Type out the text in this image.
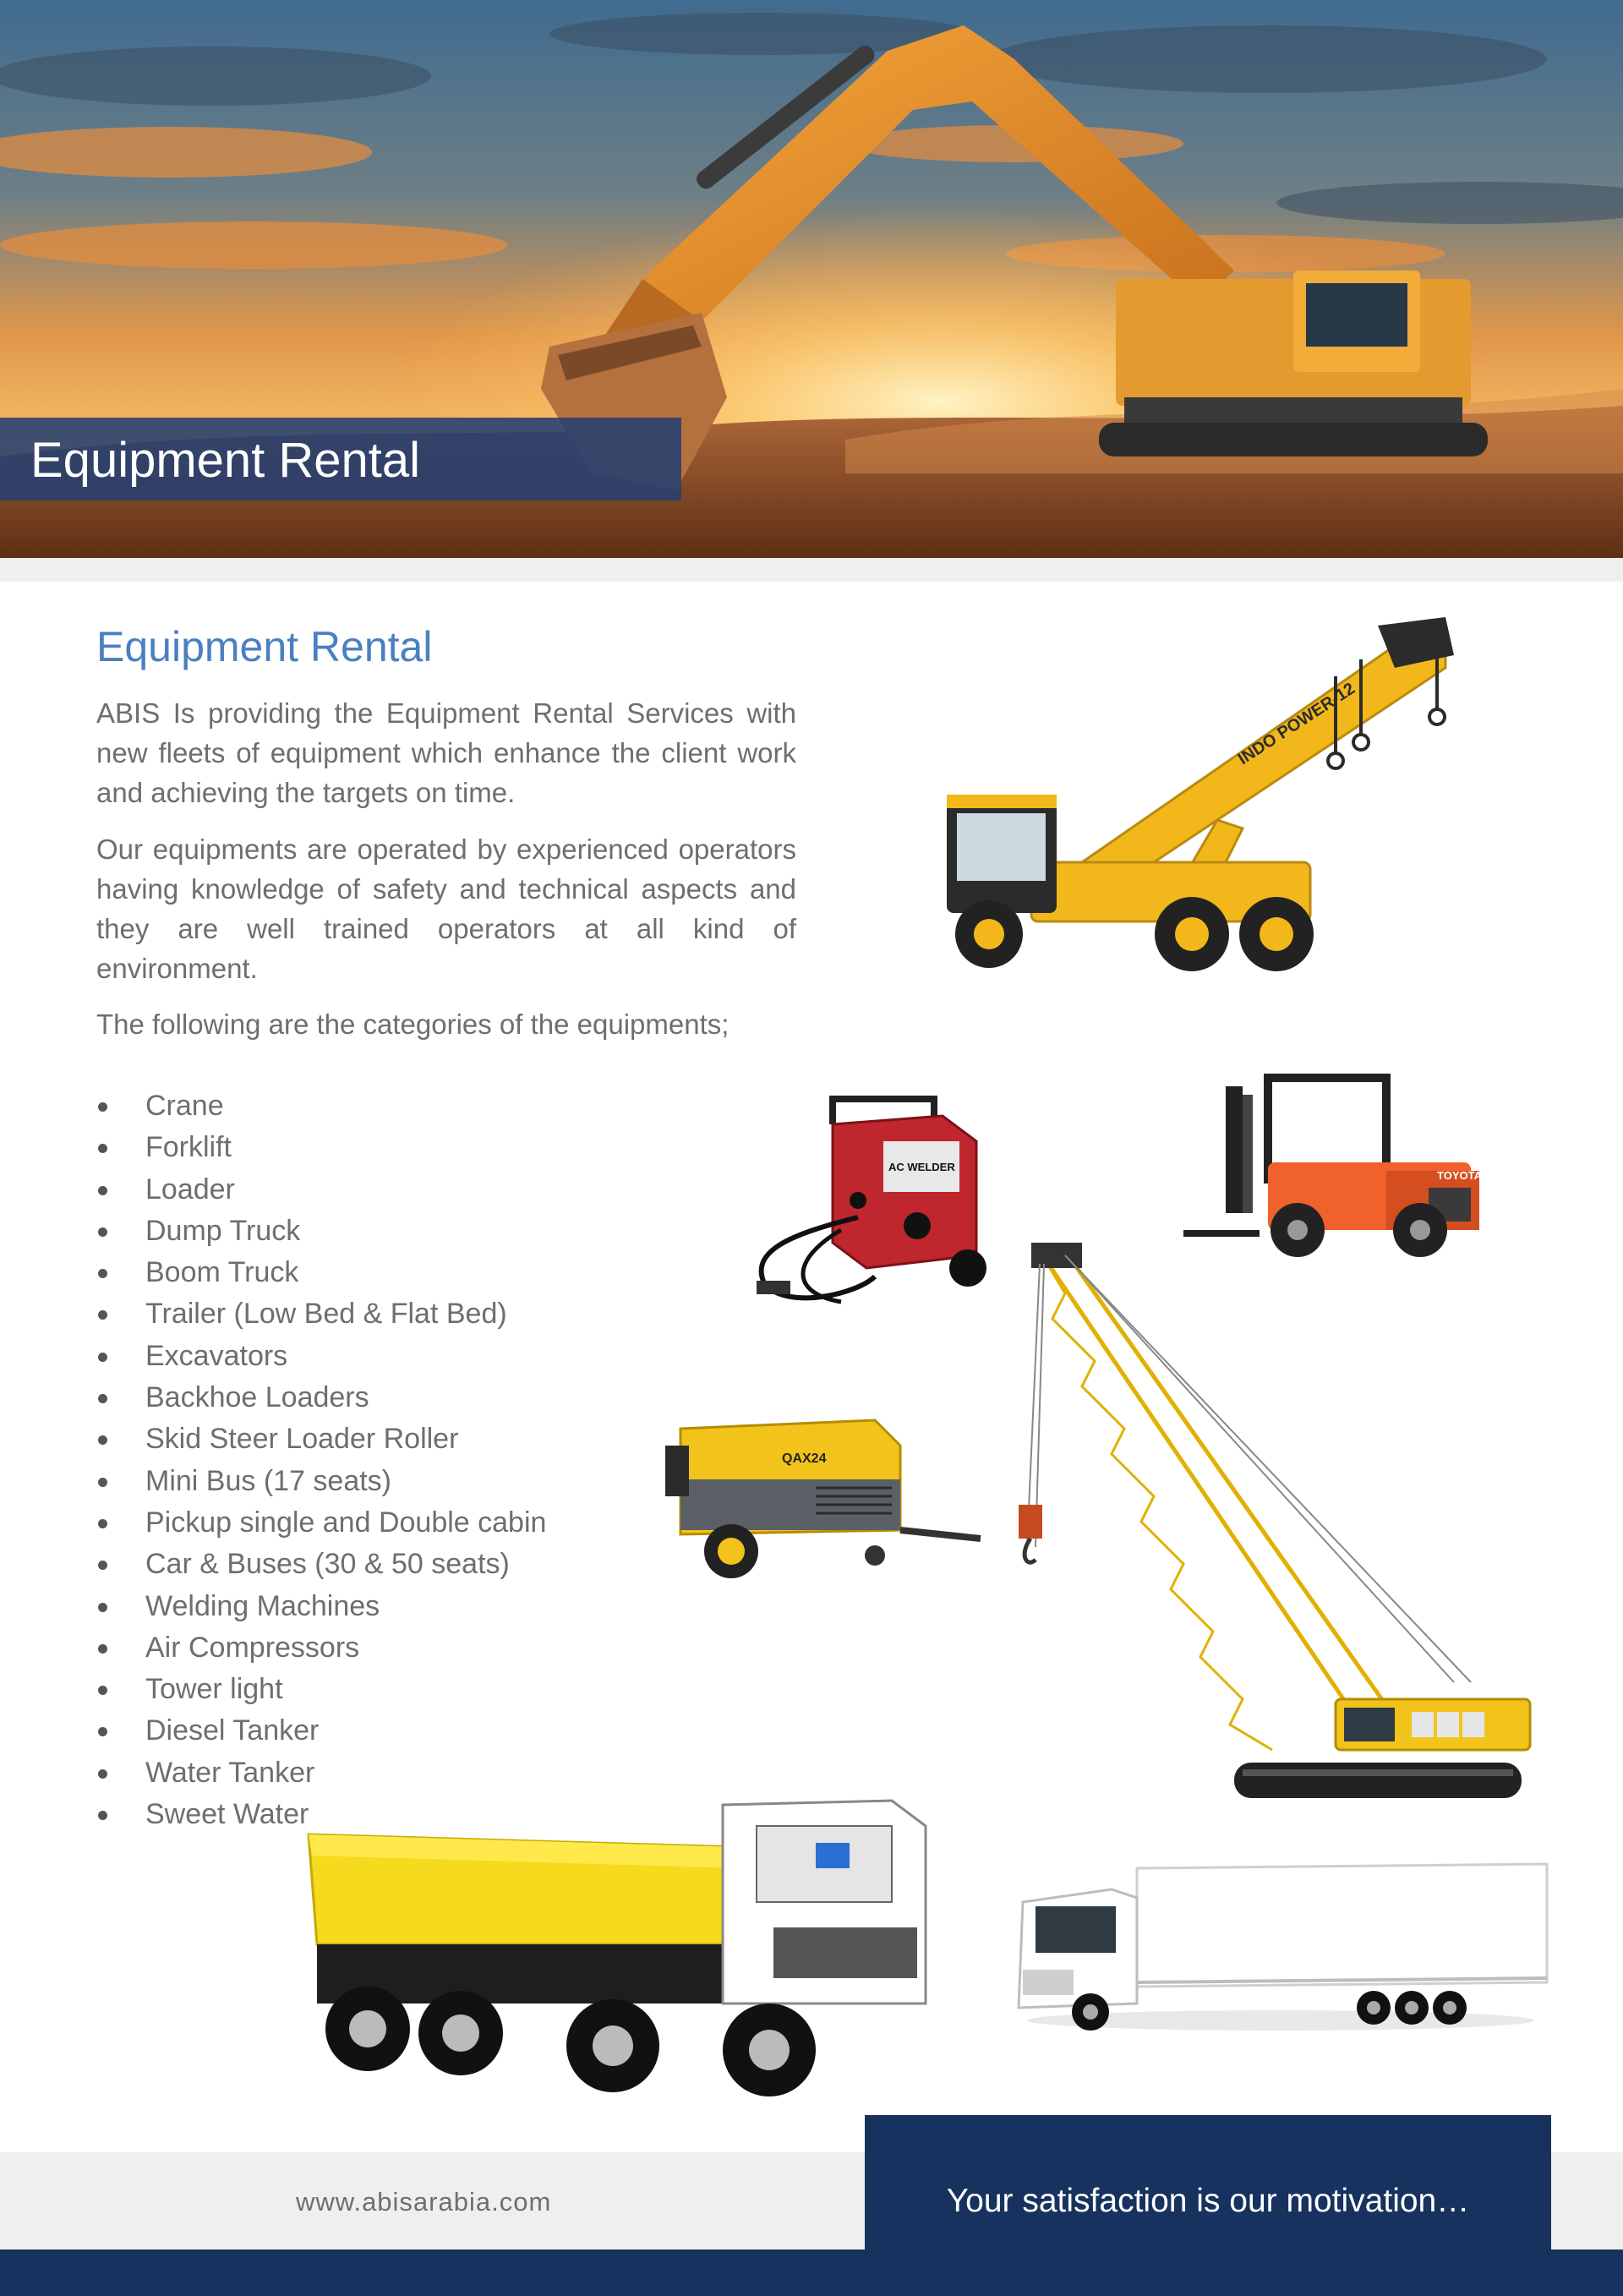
Equipment Rental
Equipment Rental

ABIS Is providing the Equipment Rental Services with new fleets of equipment which enhance the client work and achieving the targets on time.

Our equipments are operated by experienced operators having knowledge of safety and technical aspects and they are well trained operators at all kind of environment.

The following are the categories of the equipments;

Crane
Forklift
Loader
Dump Truck
Boom Truck
Trailer (Low Bed & Flat Bed)
Excavators
Backhoe Loaders
Skid Steer Loader Roller
Mini Bus (17 seats)
Pickup single and Double cabin
Car & Buses (30 & 50 seats)
Welding Machines
Air Compressors
Tower light
Diesel Tanker
Water Tanker
Sweet Water
INDO POWER-12
AC WELDER
TOYOTA
QAX24
www.abisarabia.com	Your satisfaction is our motivation…
